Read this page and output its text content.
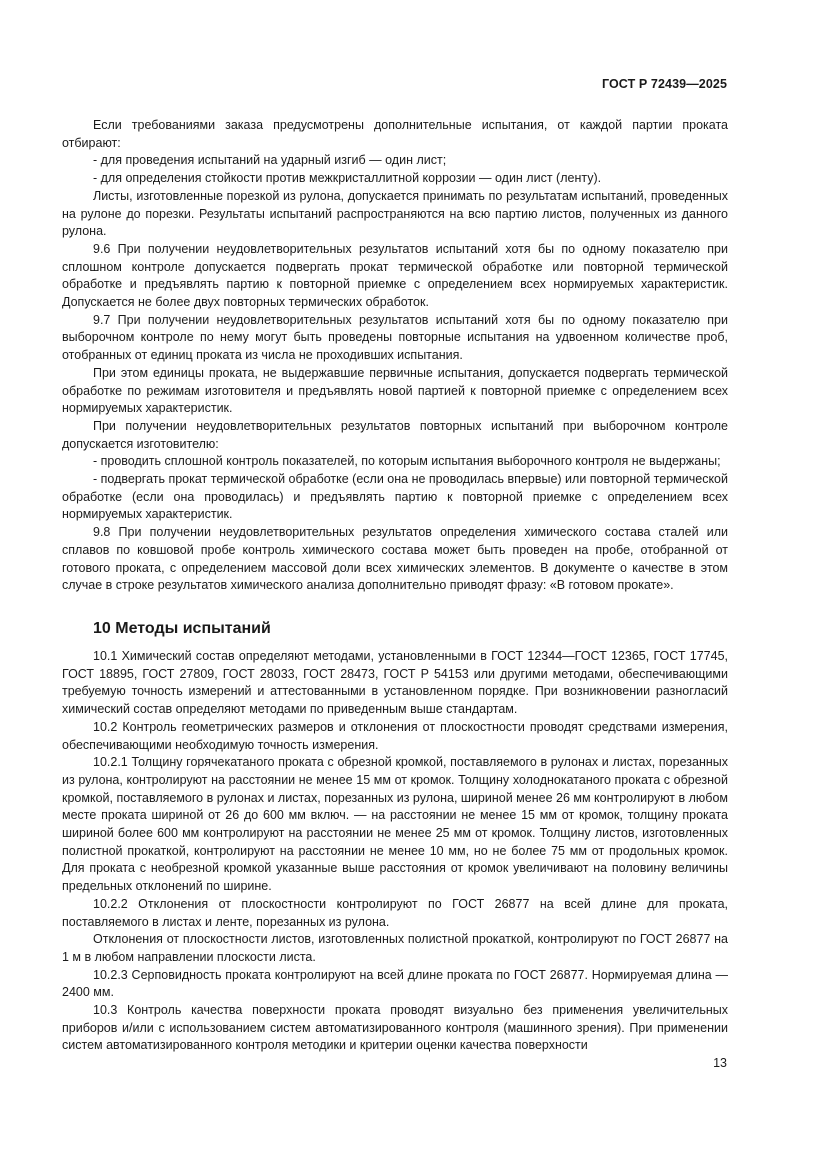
ГОСТ Р 72439—2025

Если требованиями заказа предусмотрены дополнительные испытания, от каждой партии проката отбирают:

- для проведения испытаний на ударный изгиб — один лист;

- для определения стойкости против межкристаллитной коррозии — один лист (ленту).

Листы, изготовленные порезкой из рулона, допускается принимать по результатам испытаний, проведенных на рулоне до порезки. Результаты испытаний распространяются на всю партию листов, полученных из данного рулона.

9.6 При получении неудовлетворительных результатов испытаний хотя бы по одному показателю при сплошном контроле допускается подвергать прокат термической обработке или повторной термической обработке и предъявлять партию к повторной приемке с определением всех нормируемых характеристик. Допускается не более двух повторных термических обработок.

9.7 При получении неудовлетворительных результатов испытаний хотя бы по одному показателю при выборочном контроле по нему могут быть проведены повторные испытания на удвоенном количестве проб, отобранных от единиц проката из числа не проходивших испытания.

При этом единицы проката, не выдержавшие первичные испытания, допускается подвергать термической обработке по режимам изготовителя и предъявлять новой партией к повторной приемке с определением всех нормируемых характеристик.

При получении неудовлетворительных результатов повторных испытаний при выборочном контроле допускается изготовителю:

- проводить сплошной контроль показателей, по которым испытания выборочного контроля не выдержаны;

- подвергать прокат термической обработке (если она не проводилась впервые) или повторной термической обработке (если она проводилась) и предъявлять партию к повторной приемке с определением всех нормируемых характеристик.

9.8 При получении неудовлетворительных результатов определения химического состава сталей или сплавов по ковшовой пробе контроль химического состава может быть проведен на пробе, отобранной от готового проката, с определением массовой доли всех химических элементов. В документе о качестве в этом случае в строке результатов химического анализа дополнительно приводят фразу: «В готовом прокате».

10 Методы испытаний

10.1 Химический состав определяют методами, установленными в ГОСТ 12344—ГОСТ 12365, ГОСТ 17745, ГОСТ 18895, ГОСТ 27809, ГОСТ 28033, ГОСТ 28473, ГОСТ Р 54153 или другими методами, обеспечивающими требуемую точность измерений и аттестованными в установленном порядке. При возникновении разногласий химический состав определяют методами по приведенным выше стандартам.

10.2 Контроль геометрических размеров и отклонения от плоскостности проводят средствами измерения, обеспечивающими необходимую точность измерения.

10.2.1 Толщину горячекатаного проката с обрезной кромкой, поставляемого в рулонах и листах, порезанных из рулона, контролируют на расстоянии не менее 15 мм от кромок. Толщину холоднокатаного проката с обрезной кромкой, поставляемого в рулонах и листах, порезанных из рулона, шириной менее 26 мм контролируют в любом месте проката шириной от 26 до 600 мм включ. — на расстоянии не менее 15 мм от кромок, толщину проката шириной более 600 мм контролируют на расстоянии не менее 25 мм от кромок. Толщину листов, изготовленных полистной прокаткой, контролируют на расстоянии не менее 10 мм, но не более 75 мм от продольных кромок. Для проката с необрезной кромкой указанные выше расстояния от кромок увеличивают на половину величины предельных отклонений по ширине.

10.2.2 Отклонения от плоскостности контролируют по ГОСТ 26877 на всей длине для проката, поставляемого в листах и ленте, порезанных из рулона.

Отклонения от плоскостности листов, изготовленных полистной прокаткой, контролируют по ГОСТ 26877 на 1 м в любом направлении плоскости листа.

10.2.3 Серповидность проката контролируют на всей длине проката по ГОСТ 26877. Нормируемая длина — 2400 мм.

10.3 Контроль качества поверхности проката проводят визуально без применения увеличительных приборов и/или с использованием систем автоматизированного контроля (машинного зрения). При применении систем автоматизированного контроля методики и критерии оценки качества поверхности

13
